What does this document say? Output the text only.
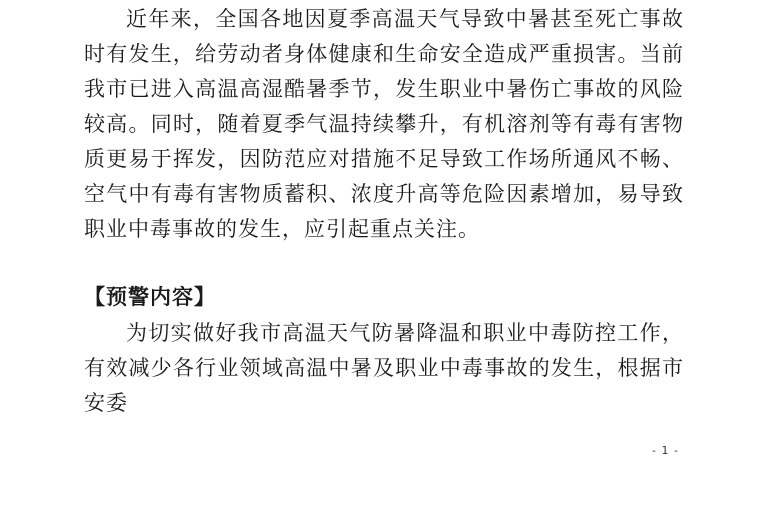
近年来，全国各地因夏季高温天气导致中暑甚至死亡事故时有发生，给劳动者身体健康和生命安全造成严重损害。当前我市已进入高温高湿酷暑季节，发生职业中暑伤亡事故的风险较高。同时，随着夏季气温持续攀升，有机溶剂等有毒有害物质更易于挥发，因防范应对措施不足导致工作场所通风不畅、空气中有毒有害物质蓄积、浓度升高等危险因素增加，易导致职业中毒事故的发生，应引起重点关注。

【预警内容】

为切实做好我市高温天气防暑降温和职业中毒防控工作，有效减少各行业领域高温中暑及职业中毒事故的发生，根据市安委

- 1 -
